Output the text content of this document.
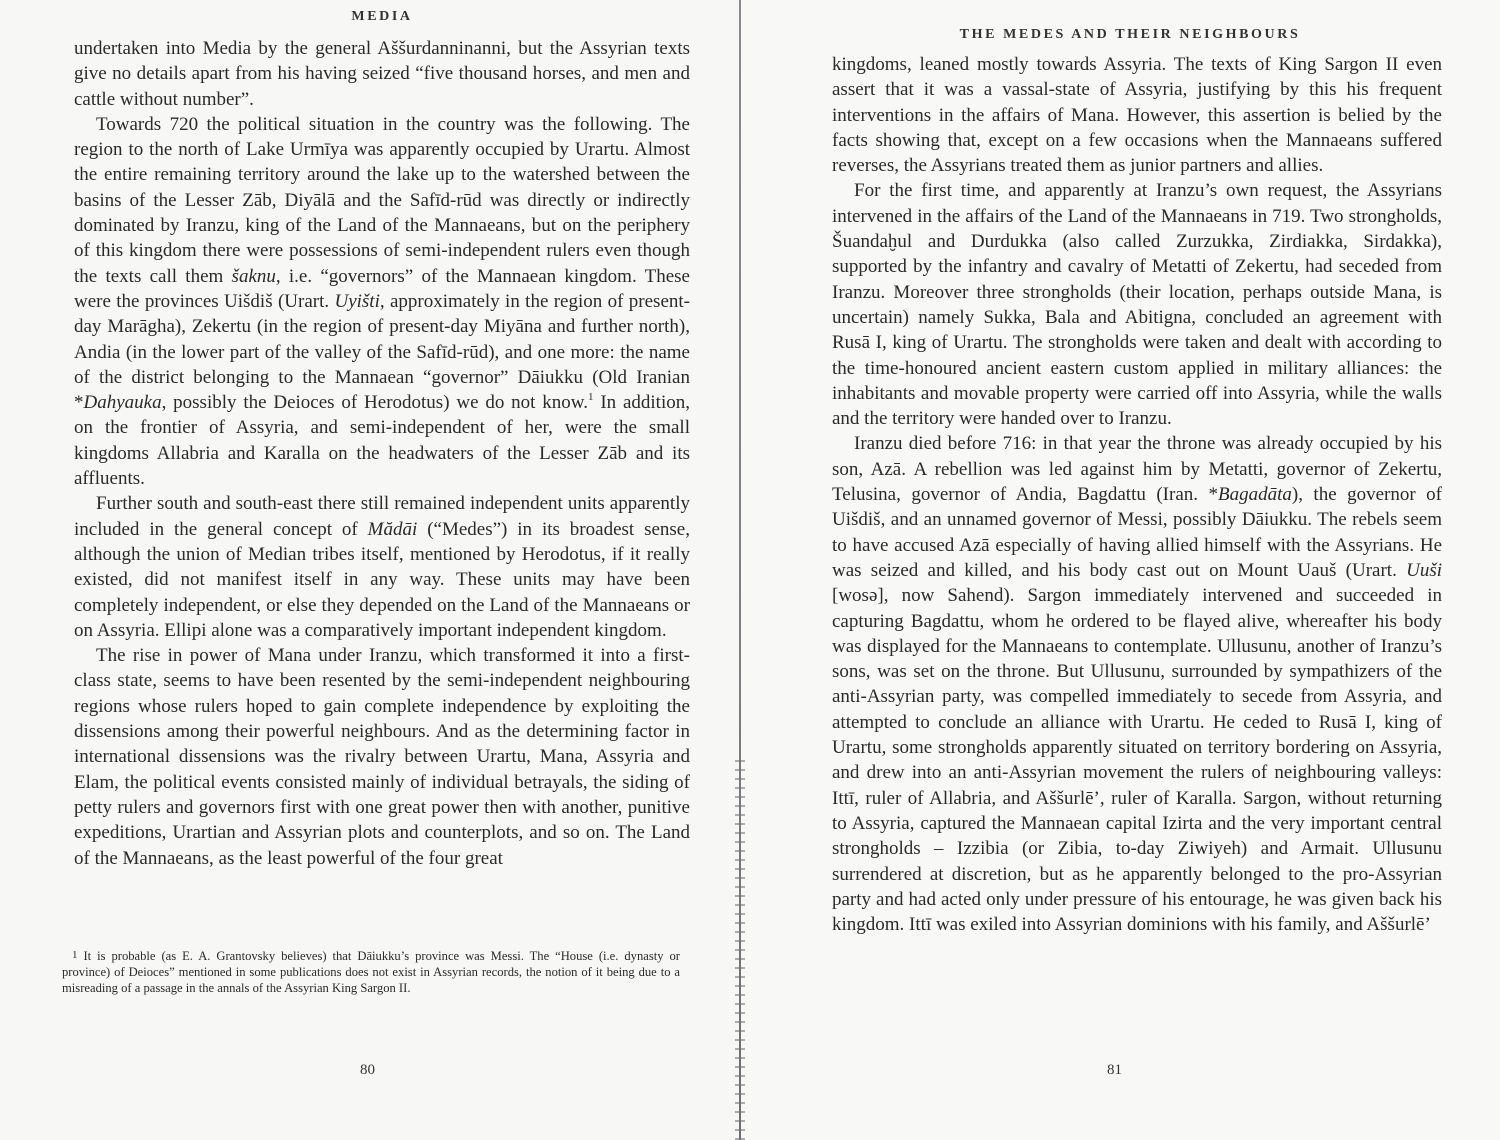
MEDIA

undertaken into Media by the general Aššurdanninanni, but the Assyrian texts give no details apart from his having seized “five thousand horses, and men and cattle without number”.

Towards 720 the political situation in the country was the following. The region to the north of Lake Urmīya was apparently occupied by Urartu. Almost the entire remaining territory around the lake up to the watershed between the basins of the Lesser Zāb, Diyālā and the Safīd-rūd was directly or indirectly dominated by Iranzu, king of the Land of the Mannaeans, but on the periphery of this kingdom there were possessions of semi-independent rulers even though the texts call them šaknu, i.e. “governors” of the Mannaean kingdom. These were the provinces Uišdiš (Urart. Uyišti, approximately in the region of present-day Marāgha), Zekertu (in the region of present-day Miyāna and further north), Andia (in the lower part of the valley of the Safīd-rūd), and one more: the name of the district belonging to the Mannaean “governor” Dāiukku (Old Iranian *Dahyauka, possibly the Deioces of Herodotus) we do not know.$^1$ In addition, on the frontier of Assyria, and semi-independent of her, were the small kingdoms Allabria and Karalla on the headwaters of the Lesser Zāb and its affluents.

Further south and south-east there still remained independent units apparently included in the general concept of Mădāi (“Medes”) in its broadest sense, although the union of Median tribes itself, mentioned by Herodotus, if it really existed, did not manifest itself in any way. These units may have been completely independent, or else they depended on the Land of the Mannaeans or on Assyria. Ellipi alone was a comparatively important independent kingdom.

The rise in power of Mana under Iranzu, which transformed it into a first-class state, seems to have been resented by the semi-independent neighbouring regions whose rulers hoped to gain complete independence by exploiting the dissensions among their powerful neighbours. And as the determining factor in international dissensions was the rivalry between Urartu, Mana, Assyria and Elam, the political events consisted mainly of individual betrayals, the siding of petty rulers and governors first with one great power then with another, punitive expeditions, Urartian and Assyrian plots and counterplots, and so on. The Land of the Mannaeans, as the least powerful of the four great

$^1$ It is probable (as E. A. Grantovsky believes) that Dāiukku’s province was Messi. The “House (i.e. dynasty or province) of Deioces” mentioned in some publications does not exist in Assyrian records, the notion of it being due to a misreading of a passage in the annals of the Assyrian King Sargon II.

80
THE MEDES AND THEIR NEIGHBOURS

kingdoms, leaned mostly towards Assyria. The texts of King Sargon II even assert that it was a vassal-state of Assyria, justifying by this his frequent interventions in the affairs of Mana. However, this assertion is belied by the facts showing that, except on a few occasions when the Mannaeans suffered reverses, the Assyrians treated them as junior partners and allies.

For the first time, and apparently at Iranzu’s own request, the Assyrians intervened in the affairs of the Land of the Mannaeans in 719. Two strongholds, Šuandaḫul and Durdukka (also called Zurzukka, Zirdiakka, Sirdakka), supported by the infantry and cavalry of Metatti of Zekertu, had seceded from Iranzu. Moreover three strongholds (their location, perhaps outside Mana, is uncertain) namely Sukka, Bala and Abitigna, concluded an agreement with Rusā I, king of Urartu. The strongholds were taken and dealt with according to the time-honoured ancient eastern custom applied in military alliances: the inhabitants and movable property were carried off into Assyria, while the walls and the territory were handed over to Iranzu.

Iranzu died before 716: in that year the throne was already occupied by his son, Azā. A rebellion was led against him by Metatti, governor of Zekertu, Telusina, governor of Andia, Bagdattu (Iran. *Bagadāta), the governor of Uišdiš, and an unnamed governor of Messi, possibly Dāiukku. The rebels seem to have accused Azā especially of having allied himself with the Assyrians. He was seized and killed, and his body cast out on Mount Uauš (Urart. Uuši [wosə], now Sahend). Sargon immediately intervened and succeeded in capturing Bagdattu, whom he ordered to be flayed alive, whereafter his body was displayed for the Mannaeans to contemplate. Ullusunu, another of Iranzu’s sons, was set on the throne. But Ullusunu, surrounded by sympathizers of the anti-Assyrian party, was compelled immediately to secede from Assyria, and attempted to conclude an alliance with Urartu. He ceded to Rusā I, king of Urartu, some strongholds apparently situated on territory bordering on Assyria, and drew into an anti-Assyrian movement the rulers of neighbouring valleys: Ittī, ruler of Allabria, and Aššurlē’, ruler of Karalla. Sargon, without returning to Assyria, captured the Mannaean capital Izirta and the very important central strongholds – Izzibia (or Zibia, to-day Ziwiyeh) and Armait. Ullusunu surrendered at discretion, but as he apparently belonged to the pro-Assyrian party and had acted only under pressure of his entourage, he was given back his kingdom. Ittī was exiled into Assyrian dominions with his family, and Aššurlē’

81
